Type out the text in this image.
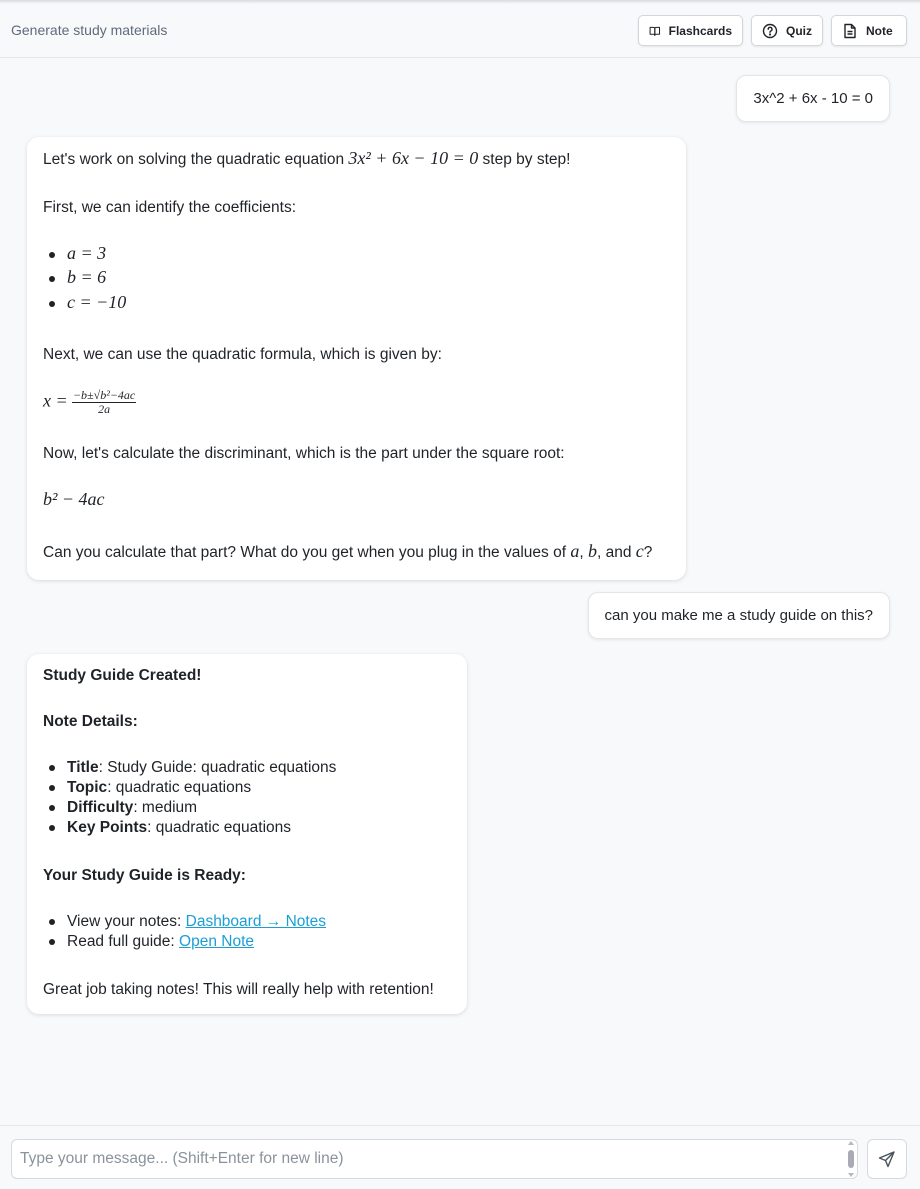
Generate study materials	Flashcards	Quiz	Note
3x^2 + 6x - 10 = 0
Let's work on solving the quadratic equation 3x² + 6x − 10 = 0 step by step!
First, we can identify the coefficients:
a = 3
b = 6
c = −10
Next, we can use the quadratic formula, which is given by:
$x = \frac{\text{−b±√b²−4ac}}{2a}$
Now, let's calculate the discriminant, which is the part under the square root:
b² − 4ac
Can you calculate that part? What do you get when you plug in the values of a, b, and c?
can you make me a study guide on this?
Study Guide Created!
Note Details:
Title: Study Guide: quadratic equations
Topic: quadratic equations
Difficulty: medium
Key Points: quadratic equations
Your Study Guide is Ready:
View your notes: Dashboard → Notes
Read full guide: Open Note
Great job taking notes! This will really help with retention!
Type your message... (Shift+Enter for new line)
